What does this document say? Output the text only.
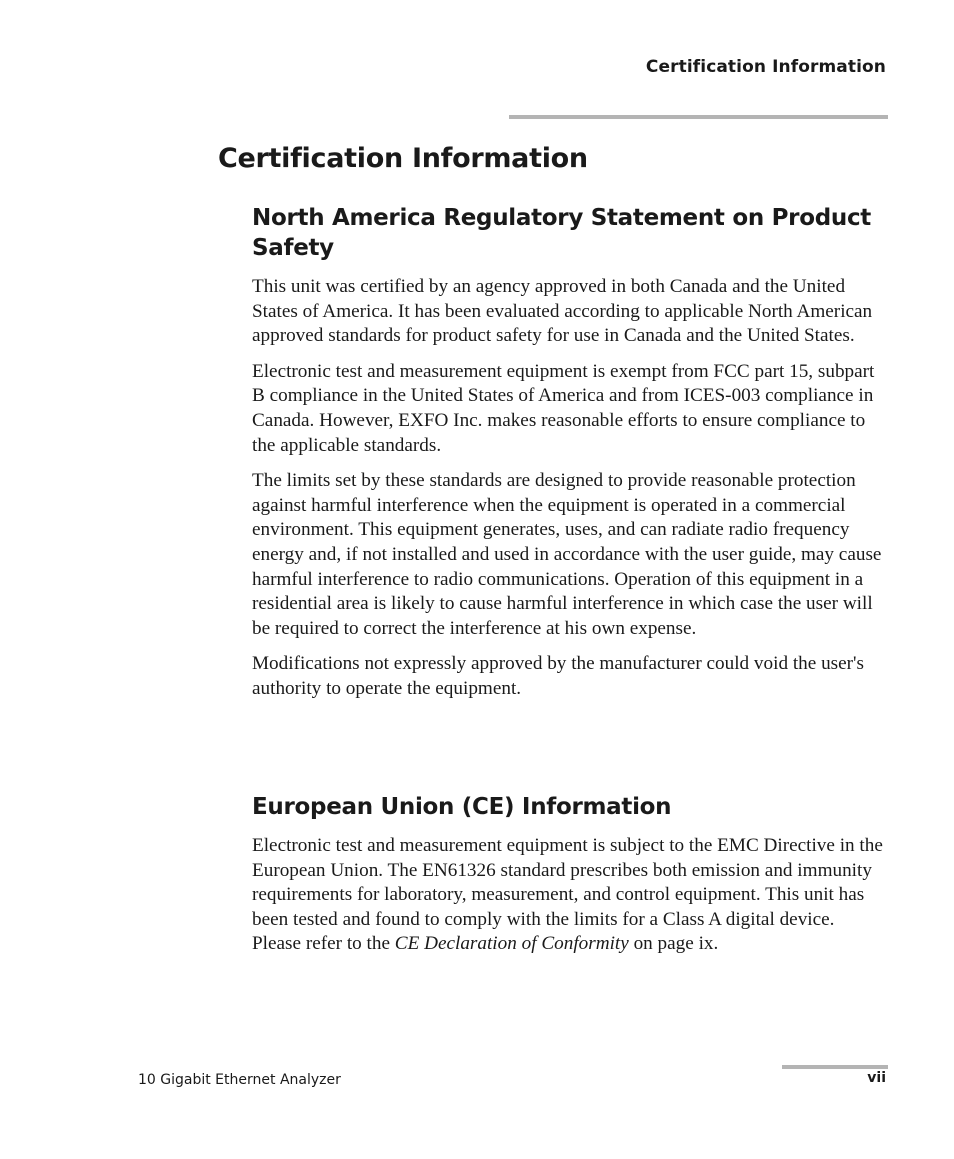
Certification Information
Certification Information
North America Regulatory Statement on Product Safety

This unit was certified by an agency approved in both Canada and the United States of America. It has been evaluated according to applicable North American approved standards for product safety for use in Canada and the United States.

Electronic test and measurement equipment is exempt from FCC part 15, subpart B compliance in the United States of America and from ICES-003 compliance in Canada. However, EXFO Inc. makes reasonable efforts to ensure compliance to the applicable standards.

The limits set by these standards are designed to provide reasonable protection against harmful interference when the equipment is operated in a commercial environment. This equipment generates, uses, and can radiate radio frequency energy and, if not installed and used in accordance with the user guide, may cause harmful interference to radio communications. Operation of this equipment in a residential area is likely to cause harmful interference in which case the user will be required to correct the interference at his own expense.

Modifications not expressly approved by the manufacturer could void the user's authority to operate the equipment.

European Union (CE) Information

Electronic test and measurement equipment is subject to the EMC Directive in the European Union. The EN61326 standard prescribes both emission and immunity requirements for laboratory, measurement, and control equipment. This unit has been tested and found to comply with the limits for a Class A digital device. Please refer to the CE Declaration of Conformity on page ix.

10 Gigabit Ethernet Analyzer	vii
